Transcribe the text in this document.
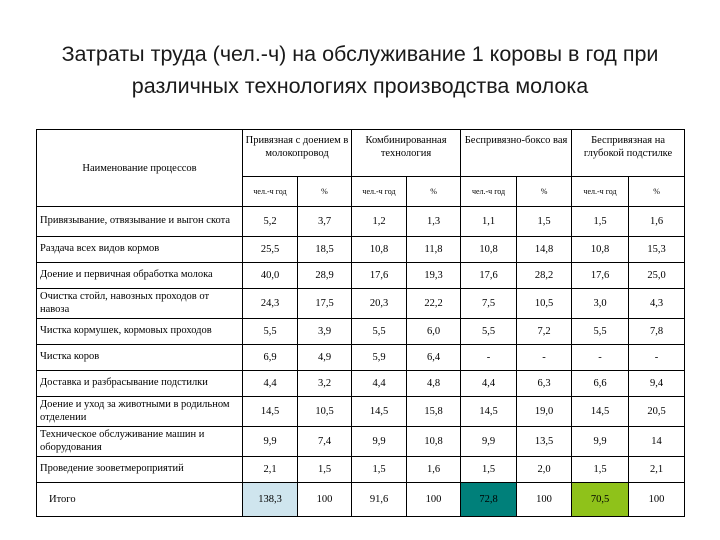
Затраты труда (чел.-ч) на обслуживание 1 коровы в год при
различных технологиях производства молока
Наименование процессов	Привязная с доением в молокопровод		Комбинированная технология		Беспривязно-боксо вая		Беспривязная на глубокой подстилке	
	чел.-ч год	%	чел.-ч год	%	чел.-ч год	%	чел.-ч год	%
Привязывание, отвязывание и выгон скота	5,2	3,7	1,2	1,3	1,1	1,5	1,5	1,6
Раздача всех видов кормов	25,5	18,5	10,8	11,8	10,8	14,8	10,8	15,3
Доение и первичная обработка молока	40,0	28,9	17,6	19,3	17,6	28,2	17,6	25,0
Очистка стойл, навозных проходов от навоза	24,3	17,5	20,3	22,2	7,5	10,5	3,0	4,3
Чистка кормушек, кормовых проходов	5,5	3,9	5,5	6,0	5,5	7,2	5,5	7,8
Чистка коров	6,9	4,9	5,9	6,4	-	-	-	-
Доставка и разбрасывание подстилки	4,4	3,2	4,4	4,8	4,4	6,3	6,6	9,4
Доение и уход за животными в родильном отделении	14,5	10,5	14,5	15,8	14,5	19,0	14,5	20,5
Техническое обслуживание машин и оборудования	9,9	7,4	9,9	10,8	9,9	13,5	9,9	14
Проведение зооветмероприятий	2,1	1,5	1,5	1,6	1,5	2,0	1,5	2,1
Итого	138,3	100	91,6	100	72,8	100	70,5	100
